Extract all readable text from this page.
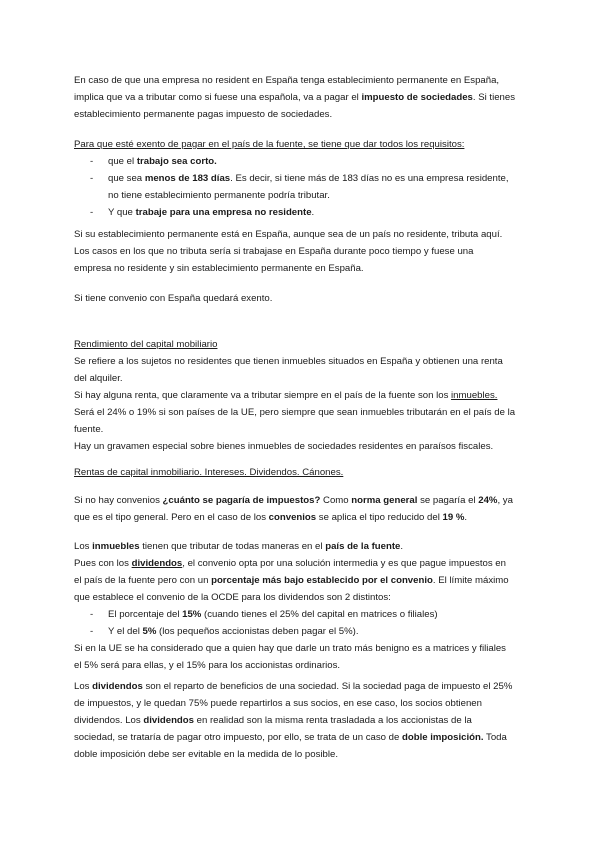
En caso de que una empresa no resident en España tenga establecimiento permanente en España,
implica que va a tributar como si fuese una española, va a pagar el impuesto de sociedades. Si tienes
establecimiento permanente pagas impuesto de sociedades.
Para que esté exento de pagar en el país de la fuente, se tiene que dar todos los requisitos:
- que el trabajo sea corto.
- que sea menos de 183 días. Es decir, si tiene más de 183 días no es una empresa residente,
no tiene establecimiento permanente podría tributar.
- Y que trabaje para una empresa no residente.
Si su establecimiento permanente está en España, aunque sea de un país no residente, tributa aquí.
Los casos en los que no tributa sería si trabajase en España durante poco tiempo y fuese una
empresa no residente y sin establecimiento permanente en España.
Si tiene convenio con España quedará exento.
Rendimiento del capital mobiliario
Se refiere a los sujetos no residentes que tienen inmuebles situados en España y obtienen una renta
del alquiler.
Si hay alguna renta, que claramente va a tributar siempre en el país de la fuente son los inmuebles.
Será el 24% o 19% si son países de la UE, pero siempre que sean inmuebles tributarán en el país de la
fuente.
Hay un gravamen especial sobre bienes inmuebles de sociedades residentes en paraísos fiscales.
Rentas de capital inmobiliario. Intereses. Dividendos. Cánones.
Si no hay convenios ¿cuánto se pagaría de impuestos? Como norma general se pagaría el 24%, ya
que es el tipo general. Pero en el caso de los convenios se aplica el tipo reducido del 19 %.
Los inmuebles tienen que tributar de todas maneras en el país de la fuente.
Pues con los dividendos, el convenio opta por una solución intermedia y es que pague impuestos en
el país de la fuente pero con un porcentaje más bajo establecido por el convenio. El límite máximo
que establece el convenio de la OCDE para los dividendos son 2 distintos:
- El porcentaje del 15% (cuando tienes el 25% del capital en matrices o filiales)
- Y el del 5% (los pequeños accionistas deben pagar el 5%).
Si en la UE se ha considerado que a quien hay que darle un trato más benigno es a matrices y filiales
el 5% será para ellas, y el 15% para los accionistas ordinarios.
Los dividendos son el reparto de beneficios de una sociedad. Si la sociedad paga de impuesto el 25%
de impuestos, y le quedan 75% puede repartirlos a sus socios, en ese caso, los socios obtienen
dividendos. Los dividendos en realidad son la misma renta trasladada a los accionistas de la
sociedad, se trataría de pagar otro impuesto, por ello, se trata de un caso de doble imposición. Toda
doble imposición debe ser evitable en la medida de lo posible.
